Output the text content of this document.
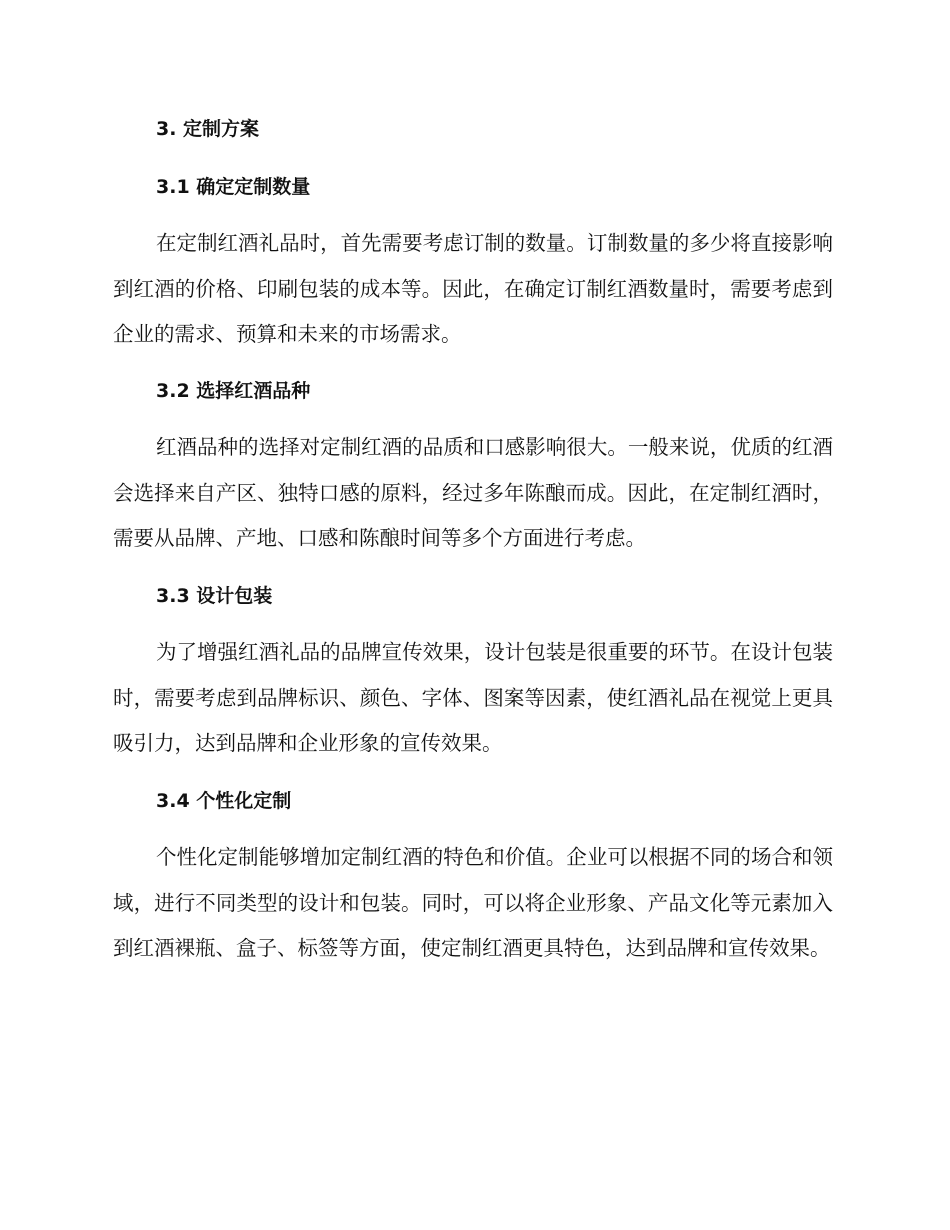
3. 定制方案
3.1 确定定制数量
在定制红酒礼品时，首先需要考虑订制的数量。订制数量的多少将直接影响到红酒的价格、印刷包装的成本等。因此，在确定订制红酒数量时，需要考虑到企业的需求、预算和未来的市场需求。
3.2 选择红酒品种
红酒品种的选择对定制红酒的品质和口感影响很大。一般来说，优质的红酒会选择来自产区、独特口感的原料，经过多年陈酿而成。因此，在定制红酒时，需要从品牌、产地、口感和陈酿时间等多个方面进行考虑。
3.3 设计包装
为了增强红酒礼品的品牌宣传效果，设计包装是很重要的环节。在设计包装时，需要考虑到品牌标识、颜色、字体、图案等因素，使红酒礼品在视觉上更具吸引力，达到品牌和企业形象的宣传效果。
3.4 个性化定制
个性化定制能够增加定制红酒的特色和价值。企业可以根据不同的场合和领域，进行不同类型的设计和包装。同时，可以将企业形象、产品文化等元素加入到红酒裸瓶、盒子、标签等方面，使定制红酒更具特色，达到品牌和宣传效果。
